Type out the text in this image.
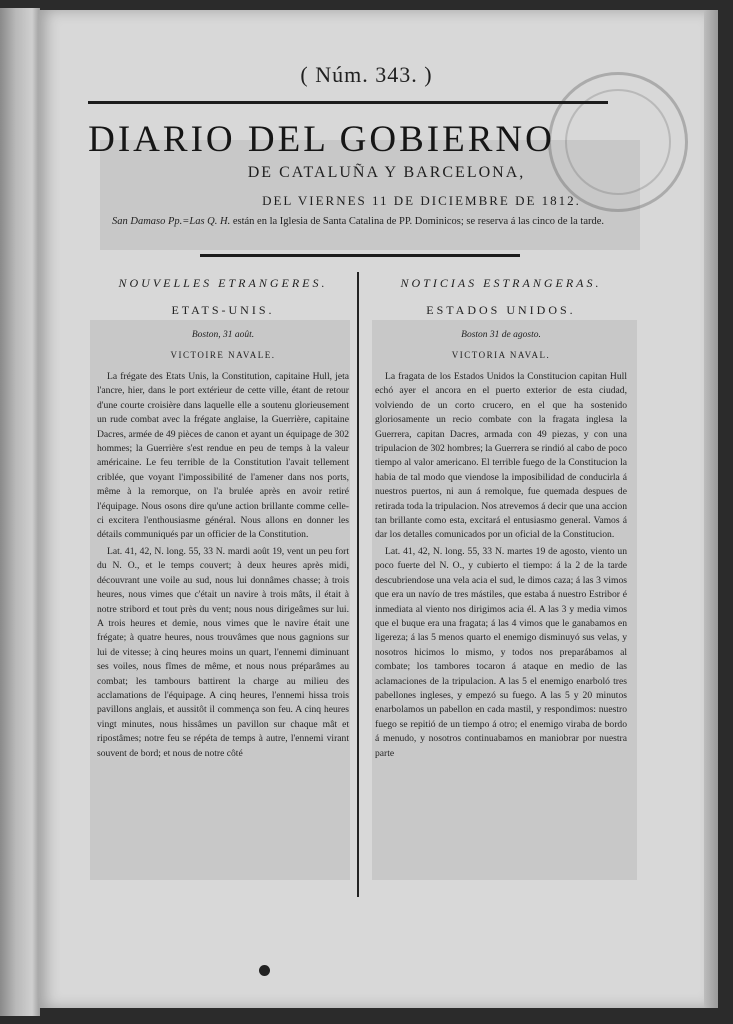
( Núm. 343. )
DIARIO DEL GOBIERNO
DE CATALUÑA Y BARCELONA,
DEL VIERNES 11 DE DICIEMBRE DE 1812.
San Damaso Pp.=Las Q. H. están en la Iglesia de Santa Catalina de PP. Dominicos; se reserva á las cinco de la tarde.
NOUVELLES ETRANGERES.
ETATS-UNIS.
Boston, 31 août.
VICTOIRE NAVALE.

La frégate des Etats Unis, la Constitution, capitaine Hull, jeta l'ancre, hier, dans le port extérieur de cette ville, étant de retour d'une courte croisière dans laquelle elle a soutenu glorieusement un rude combat avec la frégate anglaise, la Guerrière, capitaine Dacres, armée de 49 pièces de canon et ayant un équipage de 302 hommes; la Guerrière s'est rendue en peu de temps à la valeur américaine. Le feu terrible de la Constitution l'avait tellement criblée, que voyant l'impossibilité de l'amener dans nos ports, même à la remorque, on l'a brulée après en avoir retiré l'équipage. Nous osons dire qu'une action brillante comme celle-ci excitera l'enthousiasme général. Nous allons en donner les détails communiqués par un officier de la Constitution.

Lat. 41, 42, N. long. 55, 33 N. mardi août 19, vent un peu fort du N. O., et le temps couvert; à deux heures après midi, découvrant une voile au sud, nous lui donnâmes chasse; à trois heures, nous vimes que c'était un navire à trois mâts, il était à notre stribord et tout près du vent; nous nous dirigeâmes sur lui. A trois heures et demie, nous vimes que le navire était une frégate; à quatre heures, nous trouvâmes que nous gagnions sur lui de vitesse; à cinq heures moins un quart, l'ennemi diminuant ses voiles, nous fîmes de même, et nous nous préparâmes au combat; les tambours battirent la charge au milieu des acclamations de l'équipage. A cinq heures, l'ennemi hissa trois pavillons anglais, et aussitôt il commença son feu. A cinq heures vingt minutes, nous hissâmes un pavillon sur chaque mât et ripostâmes; notre feu se répéta de temps à autre, l'ennemi virant souvent de bord; et nous de notre côté

NOTICIAS ESTRANGERAS.
ESTADOS UNIDOS.
Boston 31 de agosto.
VICTORIA NAVAL.

La fragata de los Estados Unidos la Constitucion capitan Hull echó ayer el ancora en el puerto exterior de esta ciudad, volviendo de un corto crucero, en el que ha sostenido gloriosamente un recio combate con la fragata inglesa la Guerrera, capitan Dacres, armada con 49 piezas, y con una tripulacion de 302 hombres; la Guerrera se rindió al cabo de poco tiempo al valor americano. El terrible fuego de la Constitucion la habia de tal modo que viendose la imposibilidad de conducirla á nuestros puertos, ni aun á remolque, fue quemada despues de retirada toda la tripulacion. Nos atrevemos á decir que una accion tan brillante como esta, excitará el entusiasmo general. Vamos á dar los detalles comunicados por un oficial de la Constitucion.

Lat. 41, 42, N. long. 55, 33 N. martes 19 de agosto, viento un poco fuerte del N. O., y cubierto el tiempo: á la 2 de la tarde descubriendose una vela acia el sud, le dimos caza; á las 3 vimos que era un navío de tres mástiles, que estaba á nuestro Estribor é inmediata al viento nos dirigimos acia él. A las 3 y media vimos que el buque era una fragata; á las 4 vimos que le ganabamos en ligereza; á las 5 menos quarto el enemigo disminuyó sus velas, y nosotros hicimos lo mismo, y todos nos preparábamos al combate; los tambores tocaron á ataque en medio de las aclamaciones de la tripulacion. A las 5 el enemigo enarboló tres pabellones ingleses, y empezó su fuego. A las 5 y 20 minutos enarbolamos un pabellon en cada mastil, y respondimos: nuestro fuego se repitió de un tiempo á otro; el enemigo viraba de bordo á menudo, y nosotros continuabamos en maniobrar por nuestra parte
